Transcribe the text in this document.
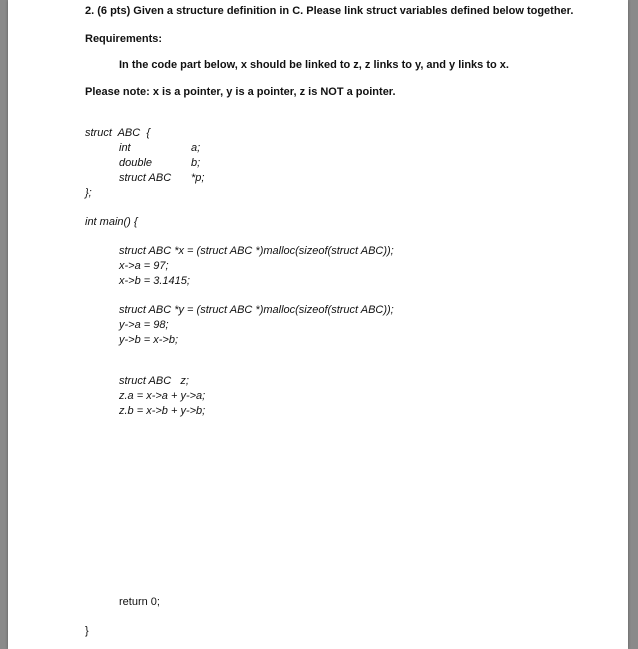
2. (6 pts) Given a structure definition in C. Please link struct variables defined below together.
Requirements:
In the code part below, x should be linked to z, z links to y, and y links to x.
Please note: x is a pointer, y is a pointer, z is NOT a pointer.
struct  ABC  {
int	a;
double	b;
struct ABC *p;
};
int main() {
struct ABC *x = (struct ABC *)malloc(sizeof(struct ABC));
x->a = 97;
x->b = 3.1415;
struct ABC *y = (struct ABC *)malloc(sizeof(struct ABC));
y->a = 98;
y->b = x->b;
struct ABC   z;
z.a = x->a + y->a;
z.b = x->b + y->b;
return 0;
}
